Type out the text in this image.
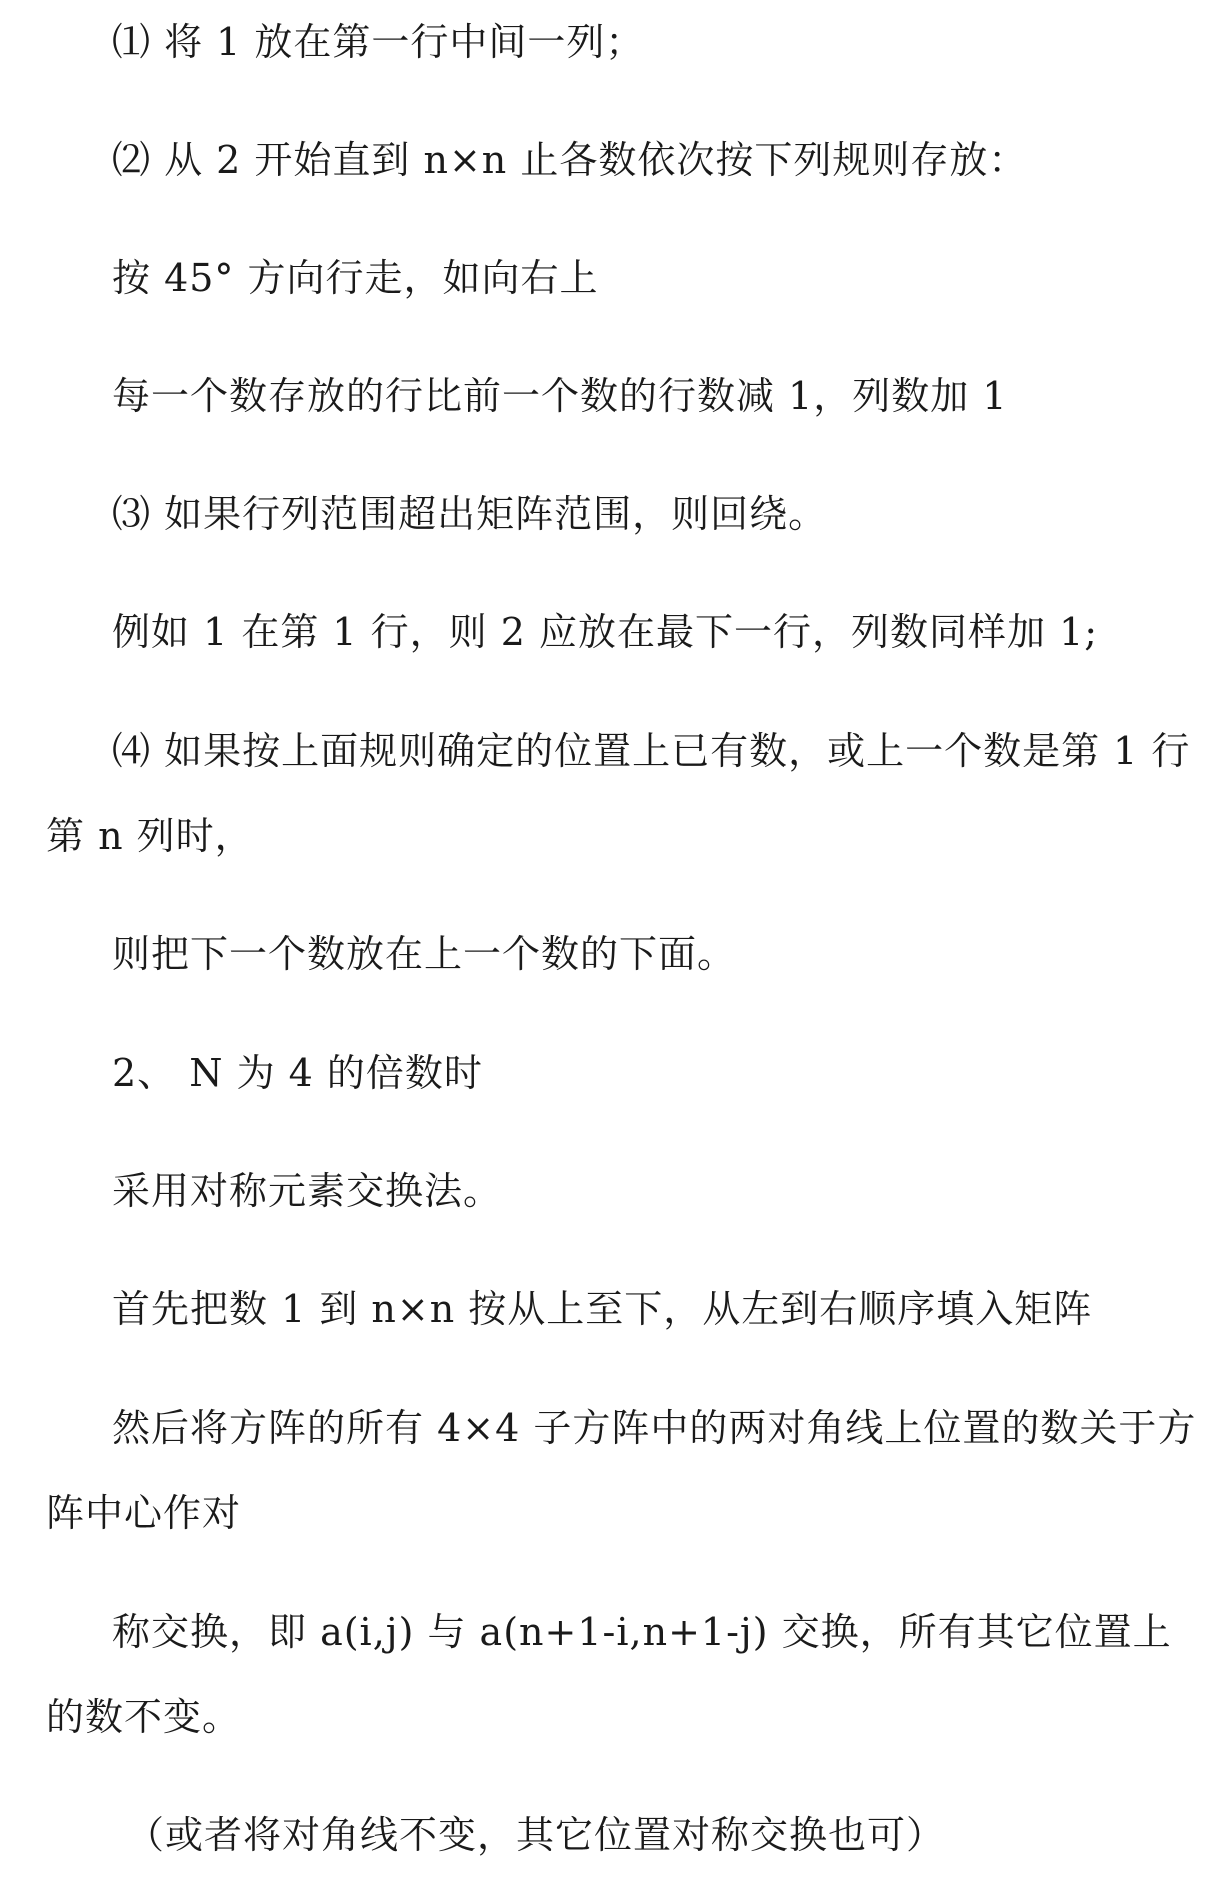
⑴ 将 1 放在第一行中间一列；
⑵ 从 2 开始直到 n×n 止各数依次按下列规则存放：
按 45° 方向行走，如向右上
每一个数存放的行比前一个数的行数减 1，列数加 1
⑶ 如果行列范围超出矩阵范围，则回绕。
例如 1 在第 1 行，则 2 应放在最下一行，列数同样加 1;
⑷ 如果按上面规则确定的位置上已有数，或上一个数是第 1 行
第 n 列时，
则把下一个数放在上一个数的下面。
2、 N 为 4 的倍数时
采用对称元素交换法。
首先把数 1 到 n×n 按从上至下，从左到右顺序填入矩阵
然后将方阵的所有 4×4 子方阵中的两对角线上位置的数关于方
阵中心作对
称交换，即 a(i,j) 与 a(n+1-i,n+1-j) 交换，所有其它位置上
的数不变。
（或者将对角线不变，其它位置对称交换也可）
